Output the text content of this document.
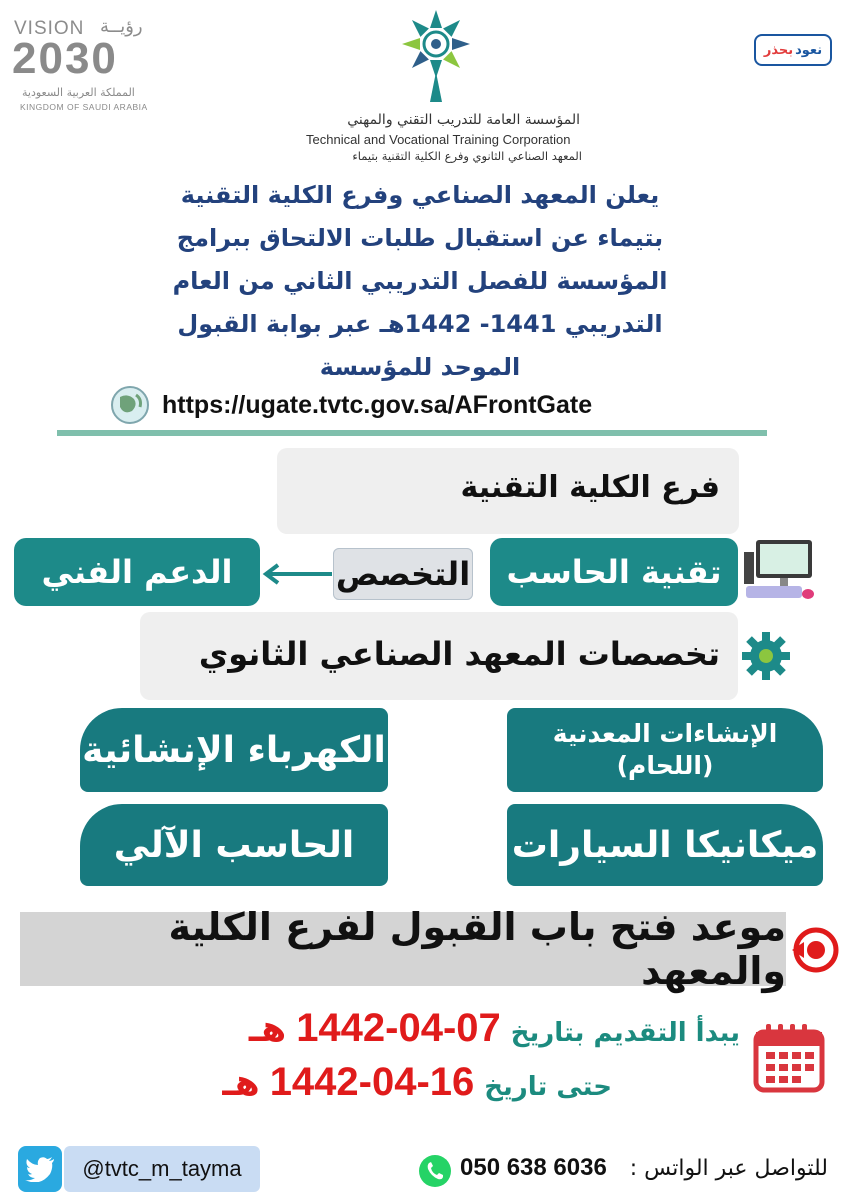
VISION رؤيــة
2030
المملكة العربية السعودية
KINGDOM OF SAUDI ARABIA
المؤسسة العامة للتدريب التقني والمهني
Technical and Vocational Training Corporation
المعهد الصناعي الثانوي وفرع الكلية التقنية بتيماء
نعود
بحذر
يعلن المعهد الصناعي وفرع الكلية التقنية
بتيماء عن استقبال طلبات الالتحاق ببرامج
المؤسسة للفصل التدريبي الثاني من العام
التدريبي 1441- 1442هـ عبر بوابة القبول
الموحد للمؤسسة
https://ugate.tvtc.gov.sa/AFrontGate
فرع الكلية التقنية
تقنية الحاسب
التخصص
الدعم الفني
تخصصات المعهد الصناعي الثانوي
الإنشاءات المعدنية
(اللحام)
الكهرباء الإنشائية
ميكانيكا السيارات
الحاسب الآلي
موعد فتح باب القبول لفرع الكلية والمعهد
يبدأ التقديم بتاريخ
1442-04-07
هـ
حتى تاريخ
1442-04-16
هـ
@tvtc_m_tayma	050 638 6036 للتواصل عبر الواتس :
